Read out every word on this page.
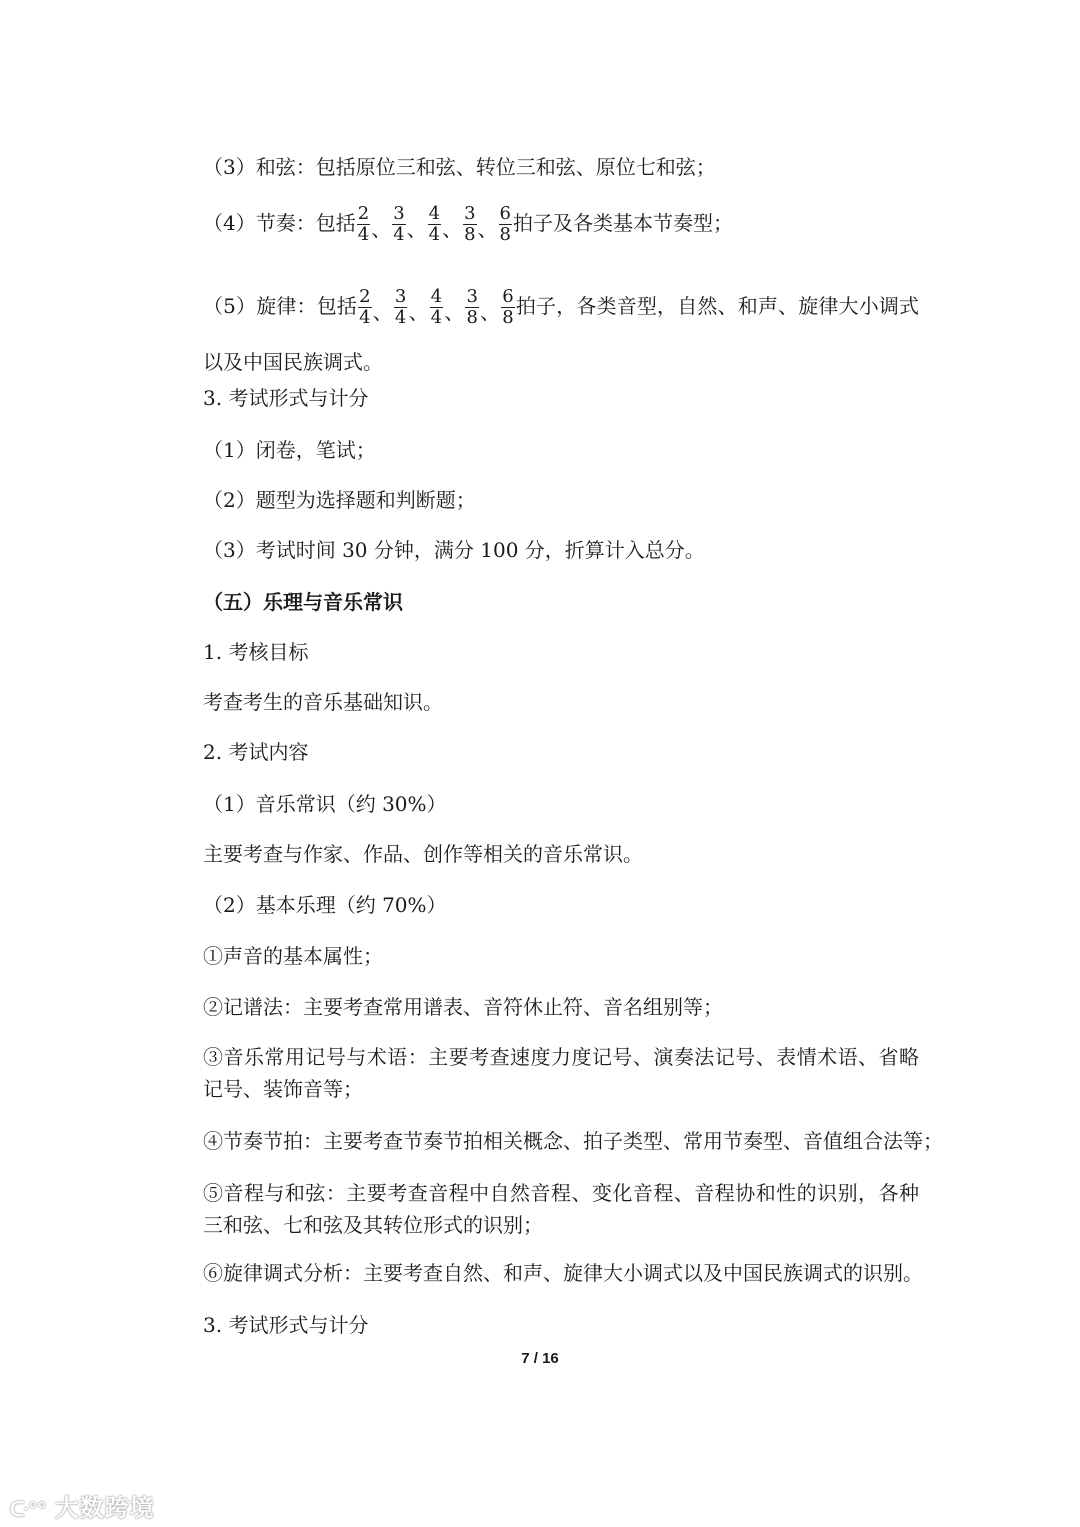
（3）和弦：包括原位三和弦、转位三和弦、原位七和弦；
（4）节奏：包括 $\frac{2}{4}$ 、 $\frac{3}{4}$ 、 $\frac{4}{4}$ 、 $\frac{3}{8}$ 、 $\frac{6}{8}$ 拍子及各类基本节奏型；
（5）旋律：包括 $\frac{2}{4}$ 、 $\frac{3}{4}$ 、 $\frac{4}{4}$ 、 $\frac{3}{8}$ 、 $\frac{6}{8}$ 拍子，各类音型，自然、和声、旋律大小调式以及中国民族调式。
3. 考试形式与计分
（1）闭卷，笔试；
（2）题型为选择题和判断题；
（3）考试时间 30 分钟，满分 100 分，折算计入总分。
（五）乐理与音乐常识
1. 考核目标
考查考生的音乐基础知识。
2. 考试内容
（1）音乐常识（约 30%）
主要考查与作家、作品、创作等相关的音乐常识。
（2）基本乐理（约 70%）
①声音的基本属性；
②记谱法：主要考查常用谱表、音符休止符、音名组别等；
③音乐常用记号与术语：主要考查速度力度记号、演奏法记号、表情术语、省略记号、装饰音等；
④节奏节拍：主要考查节奏节拍相关概念、拍子类型、常用节奏型、音值组合法等；
⑤音程与和弦：主要考查音程中自然音程、变化音程、音程协和性的识别，各种三和弦、七和弦及其转位形式的识别；
⑥旋律调式分析：主要考查自然、和声、旋律大小调式以及中国民族调式的识别。
3. 考试形式与计分
7 / 16
ᑢ°° 大数跨境
